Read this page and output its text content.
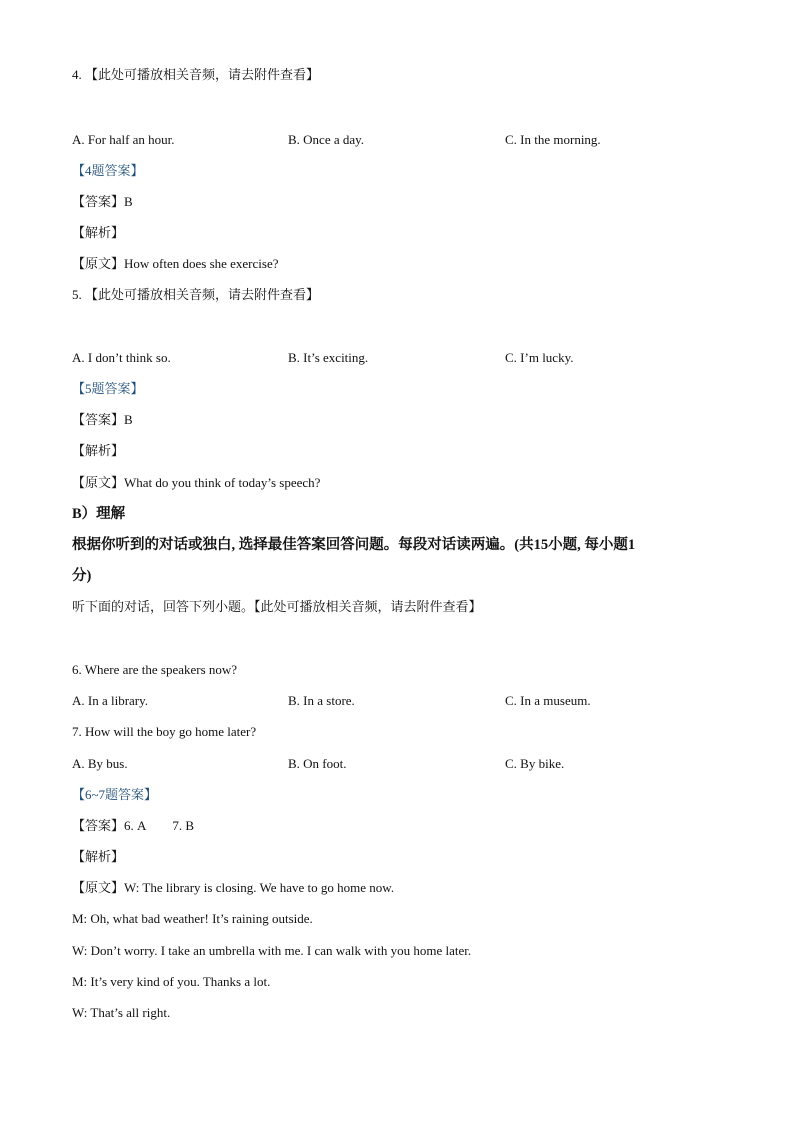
4. 【此处可播放相关音频，请去附件查看】
A. For half an hour.	B. Once a day.	C. In the morning.
【4题答案】
【答案】B
【解析】
【原文】How often does she exercise?
5. 【此处可播放相关音频，请去附件查看】
A. I don’t think so.	B. It’s exciting.	C. I’m lucky.
【5题答案】
【答案】B
【解析】
【原文】What do you think of today’s speech?
B）理解
根据你听到的对话或独白, 选择最佳答案回答问题。每段对话读两遍。(共15小题, 每小题1
分)
听下面的对话，回答下列小题。【此处可播放相关音频，请去附件查看】
6. Where are the speakers now?
A. In a library.	B. In a store.	C. In a museum.
7. How will the boy go home later?
A. By bus.	B. On foot.	C. By bike.
【6~7题答案】
【答案】6. A 7. B
【解析】
【原文】W: The library is closing. We have to go home now.
M: Oh, what bad weather! It’s raining outside.
W: Don’t worry. I take an umbrella with me. I can walk with you home later.
M: It’s very kind of you. Thanks a lot.
W: That’s all right.
